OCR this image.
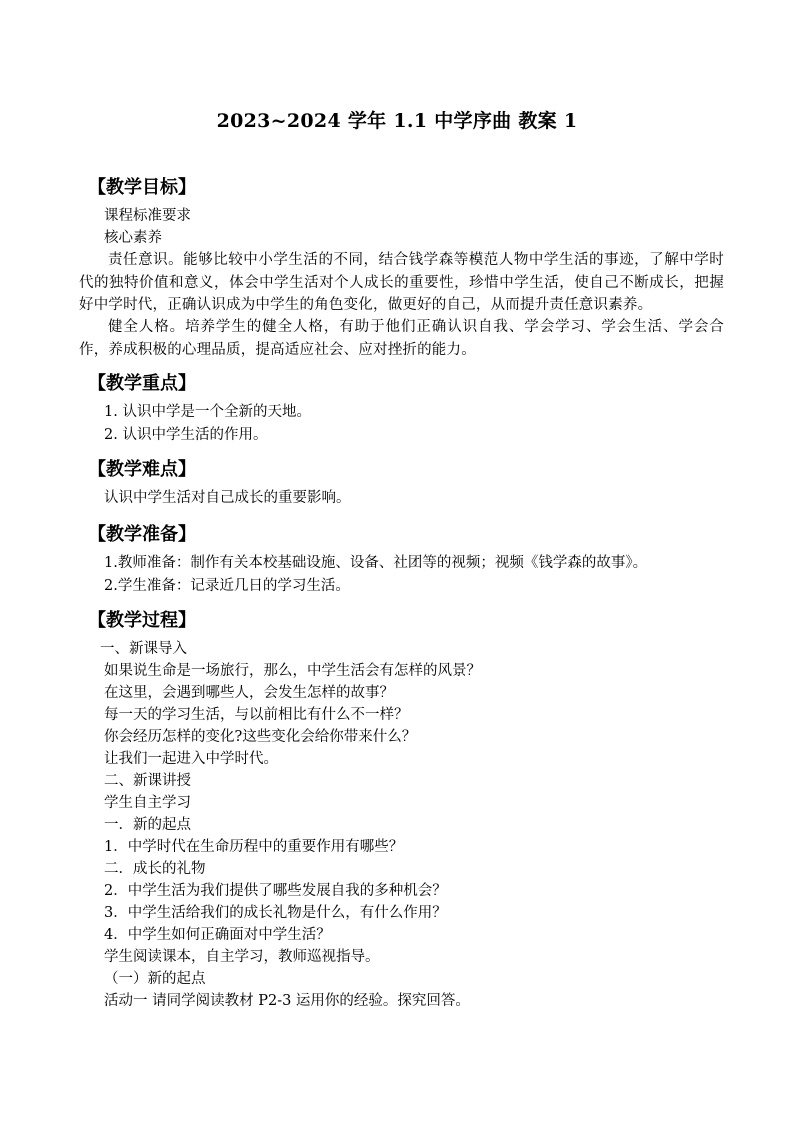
2023~2024 学年 1.1 中学序曲 教案 1
【教学目标】
课程标准要求
核心素养
责任意识。能够比较中小学生活的不同，结合钱学森等模范人物中学生活的事迹，了解中学时代的独特价值和意义，体会中学生活对个人成长的重要性，珍惜中学生活，使自己不断成长，把握好中学时代，正确认识成为中学生的角色变化，做更好的自己，从而提升责任意识素养。
健全人格。培养学生的健全人格，有助于他们正确认识自我、学会学习、学会生活、学会合作，养成积极的心理品质，提高适应社会、应对挫折的能力。
【教学重点】
1. 认识中学是一个全新的天地。
2. 认识中学生活的作用。
【教学难点】
认识中学生活对自己成长的重要影响。
【教学准备】
1.教师准备：制作有关本校基础设施、设备、社团等的视频；视频《钱学森的故事》。
2.学生准备：记录近几日的学习生活。
【教学过程】
一、新课导入
如果说生命是一场旅行，那么，中学生活会有怎样的风景？
在这里，会遇到哪些人，会发生怎样的故事？
每一天的学习生活，与以前相比有什么不一样？
你会经历怎样的变化?这些变化会给你带来什么？
让我们一起进入中学时代。
二、新课讲授
学生自主学习
一．新的起点
1．中学时代在生命历程中的重要作用有哪些？
二．成长的礼物
2．中学生活为我们提供了哪些发展自我的多种机会？
3．中学生活给我们的成长礼物是什么，有什么作用？
4．中学生如何正确面对中学生活？
学生阅读课本，自主学习，教师巡视指导。
（一）新的起点
活动一 请同学阅读教材 P2-3 运用你的经验。探究回答。
